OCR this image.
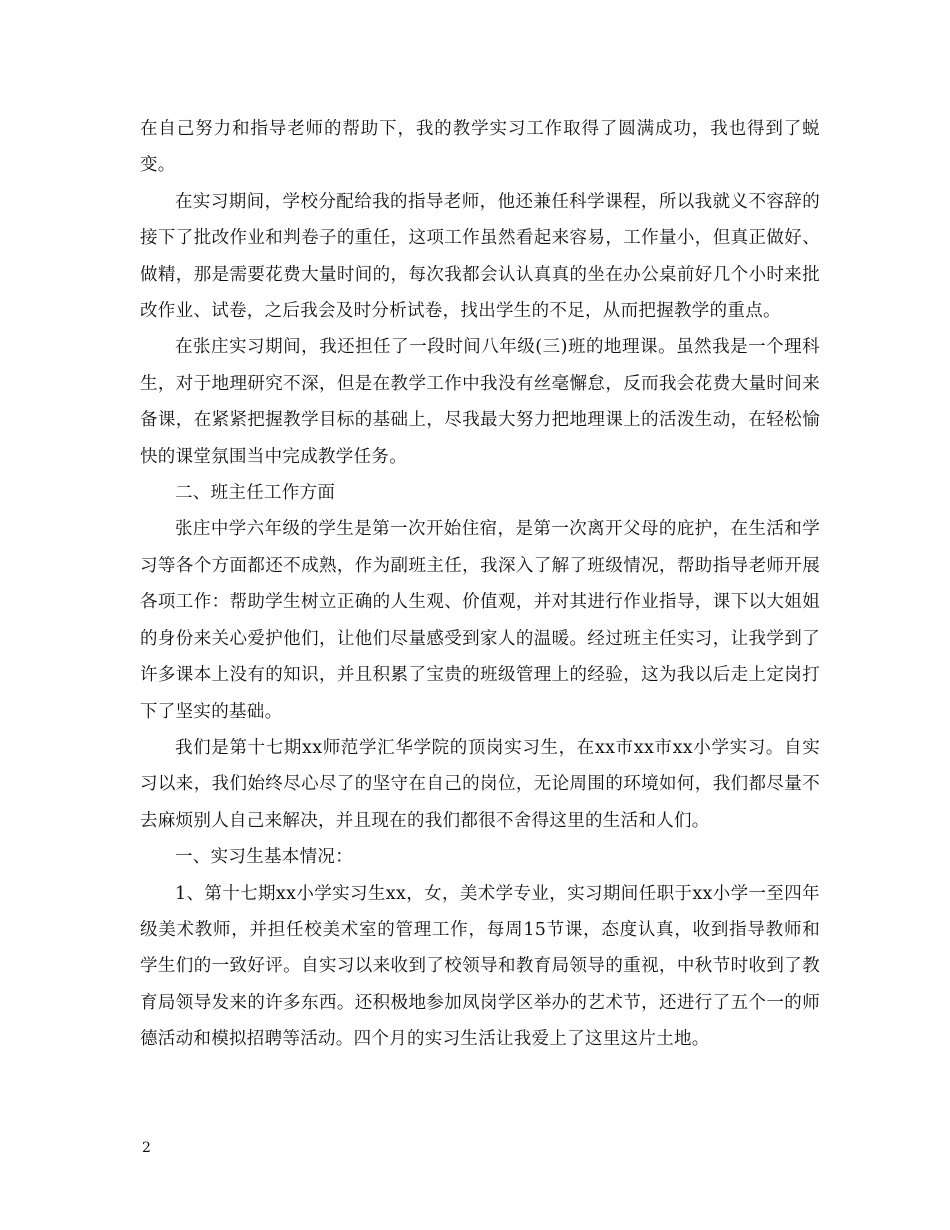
在自己努力和指导老师的帮助下，我的教学实习工作取得了圆满成功，我也得到了蜕变。

在实习期间，学校分配给我的指导老师，他还兼任科学课程，所以我就义不容辞的接下了批改作业和判卷子的重任，这项工作虽然看起来容易，工作量小，但真正做好、做精，那是需要花费大量时间的，每次我都会认认真真的坐在办公桌前好几个小时来批改作业、试卷，之后我会及时分析试卷，找出学生的不足，从而把握教学的重点。

在张庄实习期间，我还担任了一段时间八年级(三)班的地理课。虽然我是一个理科生，对于地理研究不深，但是在教学工作中我没有丝毫懈怠，反而我会花费大量时间来备课，在紧紧把握教学目标的基础上，尽我最大努力把地理课上的活泼生动，在轻松愉快的课堂氛围当中完成教学任务。

二、班主任工作方面

张庄中学六年级的学生是第一次开始住宿，是第一次离开父母的庇护，在生活和学习等各个方面都还不成熟，作为副班主任，我深入了解了班级情况，帮助指导老师开展各项工作：帮助学生树立正确的人生观、价值观，并对其进行作业指导，课下以大姐姐的身份来关心爱护他们，让他们尽量感受到家人的温暖。经过班主任实习，让我学到了许多课本上没有的知识，并且积累了宝贵的班级管理上的经验，这为我以后走上定岗打下了坚实的基础。

我们是第十七期xx师范学汇华学院的顶岗实习生，在xx市xx市xx小学实习。自实习以来，我们始终尽心尽了的坚守在自己的岗位，无论周围的环境如何，我们都尽量不去麻烦别人自己来解决，并且现在的我们都很不舍得这里的生活和人们。

一、实习生基本情况：

1、第十七期xx小学实习生xx，女，美术学专业，实习期间任职于xx小学一至四年级美术教师，并担任校美术室的管理工作，每周15节课，态度认真，收到指导教师和学生们的一致好评。自实习以来收到了校领导和教育局领导的重视，中秋节时收到了教育局领导发来的许多东西。还积极地参加凤岗学区举办的艺术节，还进行了五个一的师德活动和模拟招聘等活动。四个月的实习生活让我爱上了这里这片土地。

2
